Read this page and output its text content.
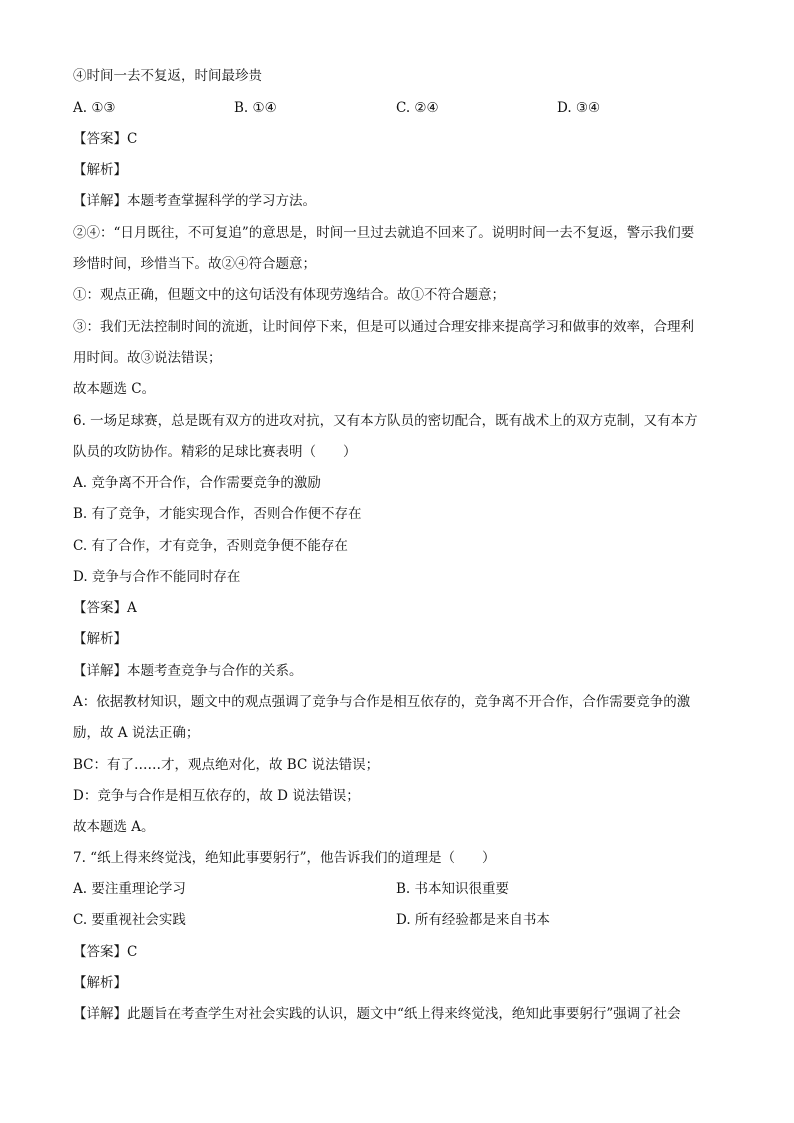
④时间一去不复返，时间最珍贵
A. ①③	B. ①④	C. ②④	D. ③④
【答案】C
【解析】
【详解】本题考查掌握科学的学习方法。
②④：“日月既往，不可复追”的意思是，时间一旦过去就追不回来了。说明时间一去不复返，警示我们要
珍惜时间，珍惜当下。故②④符合题意；
①：观点正确，但题文中的这句话没有体现劳逸结合。故①不符合题意；
③：我们无法控制时间的流逝，让时间停下来，但是可以通过合理安排来提高学习和做事的效率，合理利
用时间。故③说法错误；
故本题选 C。
6. 一场足球赛，总是既有双方的进攻对抗，又有本方队员的密切配合，既有战术上的双方克制，又有本方
队员的攻防协作。精彩的足球比赛表明（　　）
A. 竞争离不开合作，合作需要竞争的激励
B. 有了竞争，才能实现合作，否则合作便不存在
C. 有了合作，才有竞争，否则竞争便不能存在
D. 竞争与合作不能同时存在
【答案】A
【解析】
【详解】本题考查竞争与合作的关系。
A：依据教材知识，题文中的观点强调了竞争与合作是相互依存的，竞争离不开合作，合作需要竞争的激
励，故 A 说法正确；
BC：有了……才，观点绝对化，故 BC 说法错误；
D：竞争与合作是相互依存的，故 D 说法错误；
故本题选 A。
7. “纸上得来终觉浅，绝知此事要躬行”，他告诉我们的道理是（　　）
A. 要注重理论学习	B. 书本知识很重要
C. 要重视社会实践	D. 所有经验都是来自书本
【答案】C
【解析】
【详解】此题旨在考查学生对社会实践的认识，题文中“纸上得来终觉浅，绝知此事要躬行”强调了社会
